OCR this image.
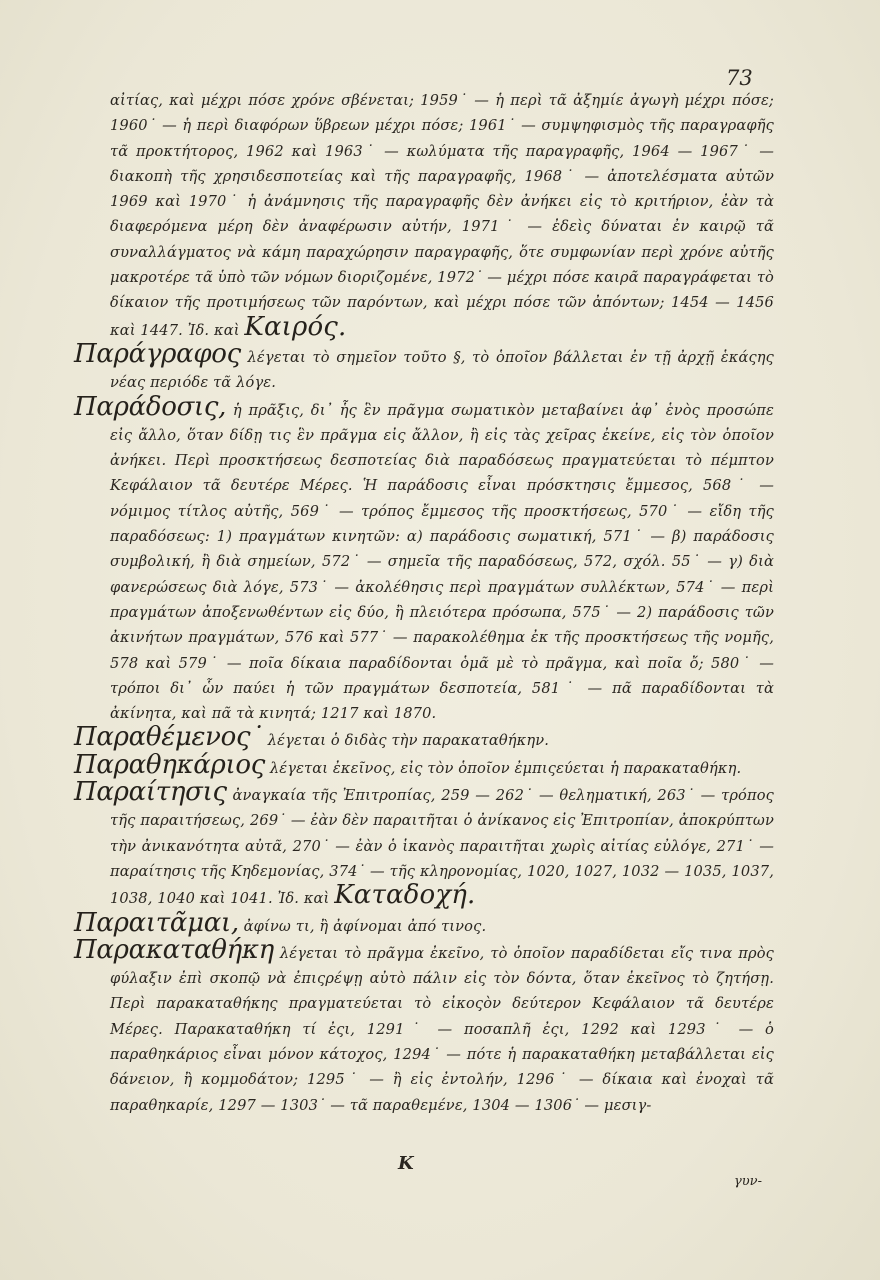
73

αἰτίας, καὶ μέχρι πόσε χρόνε σβένεται; 1959˙ — ἡ περὶ τᾶ ἀξημίε ἀγωγὴ μέχρι πόσε; 1960˙ — ἡ περὶ διαφόρων ὕβρεων μέχρι πόσε; 1961˙ — συμψηφισμὸς τῆς παραγραφῆς τᾶ προκτήτορος, 1962 καὶ 1963˙ — κωλύματα τῆς παραγραφῆς, 1964 — 1967˙ — διακοπὴ τῆς χρησιδεσποτείας καὶ τῆς παραγραφῆς, 1968˙ — ἀποτελέσματα αὐτῶν 1969 καὶ 1970˙ ἡ ἀνάμνησις τῆς παραγραφῆς δὲν ἀνήκει εἰς τὸ κριτήριον, ἐὰν τὰ διαφερόμενα μέρη δὲν ἀναφέρωσιν αὐτήν, 1971˙ — ἐδεὶς δύναται ἐν καιρῷ τᾶ συναλλάγματος νὰ κάμη παραχώρησιν παραγραφῆς, ὅτε συμφωνίαν περὶ χρόνε αὐτῆς μακροτέρε τᾶ ὑπὸ τῶν νόμων διοριζομένε, 1972˙ — μέχρι πόσε καιρᾶ παραγράφεται τὸ δίκαιον τῆς προτιμήσεως τῶν παρόντων, καὶ μέχρι πόσε τῶν ἀπόντων; 1454 — 1456 καὶ 1447. Ἰδ. καὶ Καιρός.

Παράγραφος λέγεται τὸ σημεῖον τοῦτο §, τὸ ὁποῖον βάλλεται ἐν τῇ ἀρχῇ ἑκάςης νέας περιόδε τᾶ λόγε.

Παράδοσις, ἡ πρᾶξις, δι᾽ ἧς ἓν πρᾶγμα σωματικὸν μεταβαίνει ἀφ᾽ ἑνὸς προσώπε εἰς ἄλλο, ὅταν δίδῃ τις ἓν πρᾶγμα εἰς ἄλλον, ἢ εἰς τὰς χεῖρας ἐκείνε, εἰς τὸν ὁποῖον ἀνήκει. Περὶ προσκτήσεως δεσποτείας διὰ παραδόσεως πραγματεύεται τὸ πέμπτον Κεφάλαιον τᾶ δευτέρε Μέρες. Ἡ παράδοσις εἶναι πρόσκτησις ἔμμεσος, 568˙ — νόμιμος τίτλος αὐτῆς, 569˙ — τρόπος ἔμμεσος τῆς προσκτήσεως, 570˙ — εἴδη τῆς παραδόσεως: 1) πραγμάτων κινητῶν: α) παράδοσις σωματική, 571˙ — β) παράδοσις συμβολική, ἢ διὰ σημείων, 572˙ — σημεῖα τῆς παραδόσεως, 572, σχόλ. 55˙ — γ) διὰ φανερώσεως διὰ λόγε, 573˙ — ἀκολέθησις περὶ πραγμάτων συλλέκτων, 574˙ — περὶ πραγμάτων ἀποξενωθέντων εἰς δύο, ἢ πλειότερα πρόσωπα, 575˙ — 2) παράδοσις τῶν ἀκινήτων πραγμάτων, 576 καὶ 577˙ — παρακολέθημα ἐκ τῆς προσκτήσεως τῆς νομῆς, 578 καὶ 579˙ — ποῖα δίκαια παραδίδονται ὁμᾶ μὲ τὸ πρᾶγμα, καὶ ποῖα ὄ; 580˙ — τρόποι δι᾽ ὧν παύει ἡ τῶν πραγμάτων δεσποτεία, 581˙ — πᾶ παραδίδονται τὰ ἀκίνητα, καὶ πᾶ τὰ κινητά; 1217 καὶ 1870.

Παραθέμενος˙ λέγεται ὁ διδὰς τὴν παρακαταθήκην.

Παραθηκάριος λέγεται ἐκεῖνος, εἰς τὸν ὁποῖον ἐμπιςεύεται ἡ παρακαταθήκη.

Παραίτησις ἀναγκαία τῆς Ἐπιτροπίας, 259 — 262˙ — θεληματική, 263˙ — τρόπος τῆς παραιτήσεως, 269˙ — ἐὰν δὲν παραιτῆται ὁ ἀνίκανος εἰς Ἐπιτροπίαν, ἀποκρύπτων τὴν ἀνικανότητα αὐτᾶ, 270˙ — ἐὰν ὁ ἱκανὸς παραιτῆται χωρὶς αἰτίας εὐλόγε, 271˙ — παραίτησις τῆς Κηδεμονίας, 374˙ — τῆς κληρονομίας, 1020, 1027, 1032 — 1035, 1037, 1038, 1040 καὶ 1041. Ἰδ. καὶ Καταδοχή.

Παραιτᾶμαι, ἀφίνω τι, ἢ ἀφίνομαι ἀπό τινος.

Παρακαταθήκη λέγεται τὸ πρᾶγμα ἐκεῖνο, τὸ ὁποῖον παραδίδεται εἴς τινα πρὸς φύλαξιν ἐπὶ σκοπῷ νὰ ἐπιςρέψῃ αὐτὸ πάλιν εἰς τὸν δόντα, ὅταν ἐκεῖνος τὸ ζητήσῃ. Περὶ παρακαταθήκης πραγματεύεται τὸ εἰκοςὸν δεύτερον Κεφάλαιον τᾶ δευτέρε Μέρες. Παρακαταθήκη τί ἐςι, 1291˙ — ποσαπλῆ ἐςι, 1292 καὶ 1293˙ — ὁ παραθηκάριος εἶναι μόνον κάτοχος, 1294˙ — πότε ἡ παρακαταθήκη μεταβάλλεται εἰς δάνειον, ἢ κομμοδάτον; 1295˙ — ἢ εἰς ἐντολήν, 1296˙ — δίκαια καὶ ἐνοχαὶ τᾶ παραθηκαρίε, 1297 — 1303˙ — τᾶ παραθεμένε, 1304 — 1306˙ — μεσιγ-

K
γυν-
